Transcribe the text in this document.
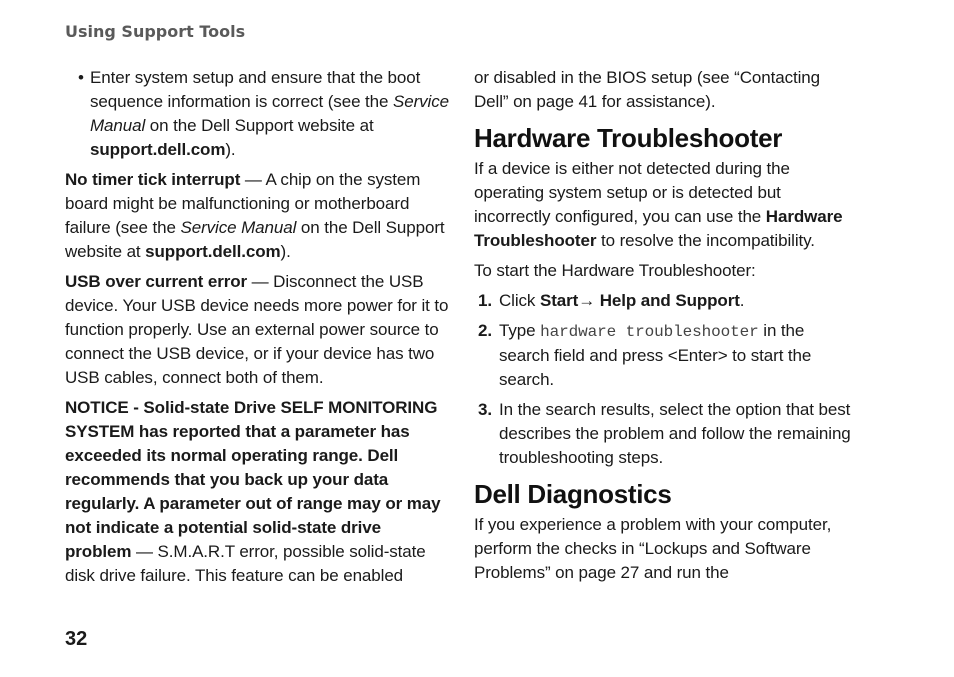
Using Support Tools
• Enter system setup and ensure that the boot sequence information is correct (see the Service Manual on the Dell Support website at support.dell.com).

No timer tick interrupt — A chip on the system board might be malfunctioning or motherboard failure (see the Service Manual on the Dell Support website at support.dell.com).

USB over current error — Disconnect the USB device. Your USB device needs more power for it to function properly. Use an external power source to connect the USB device, or if your device has two USB cables, connect both of them.

NOTICE - Solid-state Drive SELF MONITORING SYSTEM has reported that a parameter has exceeded its normal operating range. Dell recommends that you back up your data regularly. A parameter out of range may or may not indicate a potential solid-state drive problem — S.M.A.R.T error, possible solid-state disk drive failure. This feature can be enabled

or disabled in the BIOS setup (see “Contacting Dell” on page 41 for assistance).

Hardware Troubleshooter

If a device is either not detected during the operating system setup or is detected but incorrectly configured, you can use the Hardware Troubleshooter to resolve the incompatibility.

To start the Hardware Troubleshooter:

1. Click Start→ Help and Support.
2. Type hardware troubleshooter in the search field and press <Enter> to start the search.
3. In the search results, select the option that best describes the problem and follow the remaining troubleshooting steps.
Dell Diagnostics

If you experience a problem with your computer, perform the checks in “Lockups and Software Problems” on page 27 and run the

32
